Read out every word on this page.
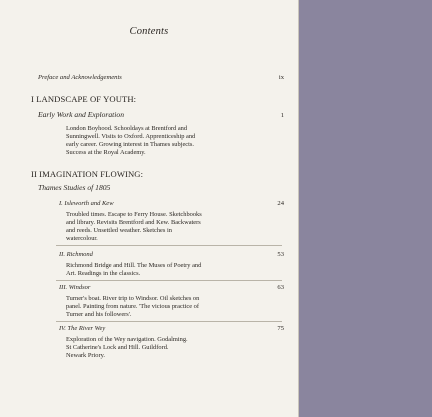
Contents
Preface and Acknowledgements	ix
I LANDSCAPE OF YOUTH:
Early Work and Exploration	1
London Boyhood. Schooldays at Brentford and
Sunningwell. Visits to Oxford. Apprenticeship and
early career. Growing interest in Thames subjects.
Success at the Royal Academy.
II IMAGINATION FLOWING:
Thames Studies of 1805
I. Isleworth and Kew	24
Troubled times. Escape to Ferry House. Sketchbooks
and library. Revisits Brentford and Kew. Backwaters
and reeds. Unsettled weather. Sketches in
watercolour.
II. Richmond	53
Richmond Bridge and Hill. The Muses of Poetry and
Art. Readings in the classics.
III. Windsor	63
Turner's boat. River trip to Windsor. Oil sketches on
panel. Painting from nature. 'The vicious practice of
Turner and his followers'.
IV. The River Wey	75
Exploration of the Wey navigation. Godalming.
St Catherine's Lock and Hill. Guildford.
Newark Priory.
